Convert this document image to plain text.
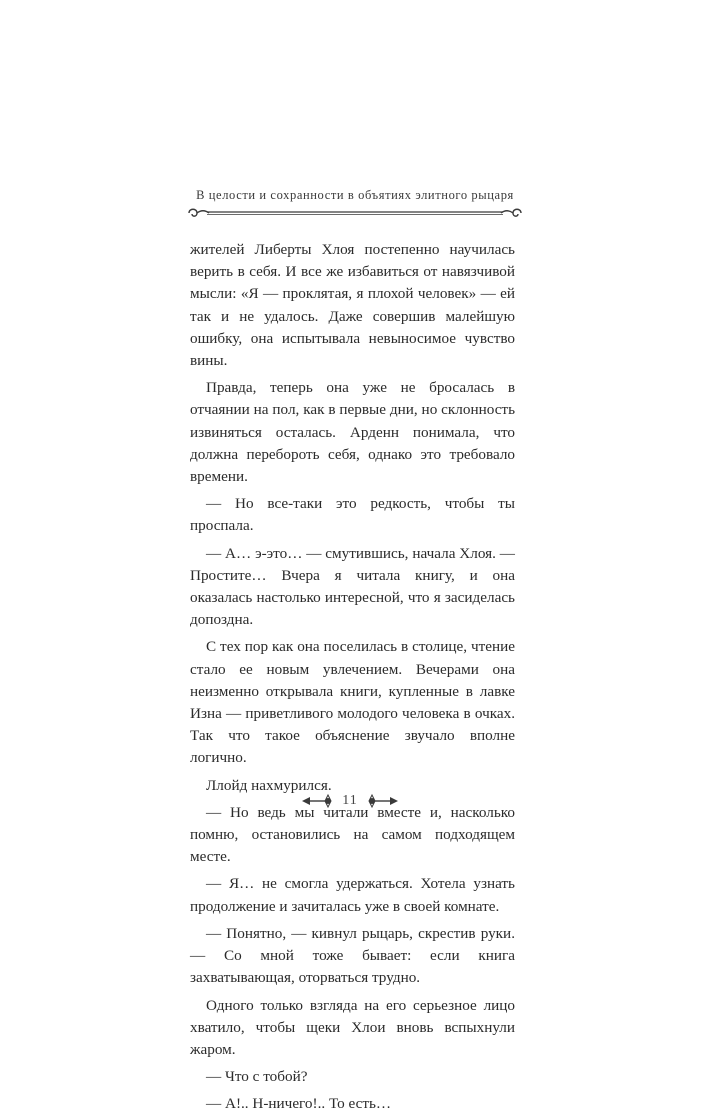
В целости и сохранности в объятиях элитного рыцаря

жителей Либерты Хлоя постепенно научилась верить в себя. И все же избавиться от навязчивой мысли: «Я — проклятая, я плохой человек» — ей так и не удалось. Даже совершив малейшую ошибку, она испытывала невыносимое чувство вины.

Правда, теперь она уже не бросалась в отчаянии на пол, как в первые дни, но склонность извиняться осталась. Арденн понимала, что должна перебороть себя, однако это требовало времени.

— Но все-таки это редкость, чтобы ты проспала.

— А… э-это… — смутившись, начала Хлоя. — Простите… Вчера я читала книгу, и она оказалась настолько интересной, что я засиделась допоздна.

С тех пор как она поселилась в столице, чтение стало ее новым увлечением. Вечерами она неизменно открывала книги, купленные в лавке Изна — приветливого молодого человека в очках. Так что такое объяснение звучало вполне логично.

Ллойд нахмурился.

— Но ведь мы читали вместе и, насколько помню, остановились на самом подходящем месте.

— Я… не смогла удержаться. Хотела узнать продолжение и зачиталась уже в своей комнате.

— Понятно, — кивнул рыцарь, скрестив руки. — Со мной тоже бывает: если книга захватывающая, оторваться трудно.

Одного только взгляда на его серьезное лицо хватило, чтобы щеки Хлои вновь вспыхнули жаром.

— Что с тобой?

— А!.. Н-ничего!.. То есть…

11
